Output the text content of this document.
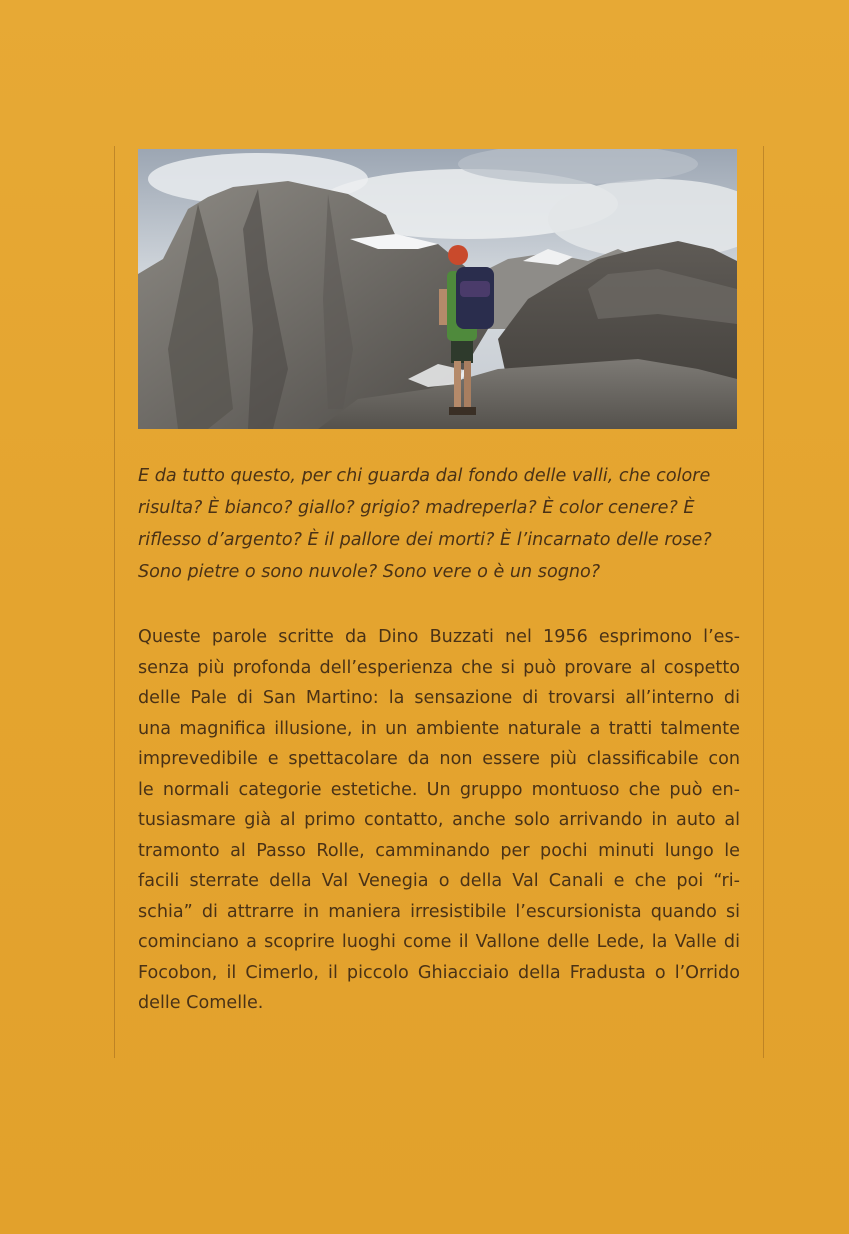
E da tutto questo, per chi guarda dal fondo delle valli, che colore
risulta? È bianco? giallo? grigio? madreperla? È color cenere? È
riflesso d’argento? È il pallore dei morti? È l’incarnato delle rose?
Sono pietre o sono nuvole? Sono vere o è un sogno?

Queste parole scritte da Dino Buzzati nel 1956 esprimono l’es-
senza più profonda dell’esperienza che si può provare al cospetto
delle Pale di San Martino: la sensazione di trovarsi all’interno di
una magnifica illusione, in un ambiente naturale a tratti talmente
imprevedibile e spettacolare da non essere più classificabile con
le normali categorie estetiche. Un gruppo montuoso che può en-
tusiasmare già al primo contatto, anche solo arrivando in auto al
tramonto al Passo Rolle, camminando per pochi minuti lungo le
facili sterrate della Val Venegia o della Val Canali e che poi “ri-
schia” di attrarre in maniera irresistibile l’escursionista quando si
cominciano a scoprire luoghi come il Vallone delle Lede, la Valle di
Focobon, il Cimerlo, il piccolo Ghiacciaio della Fradusta o l’Orrido
delle Comelle.
